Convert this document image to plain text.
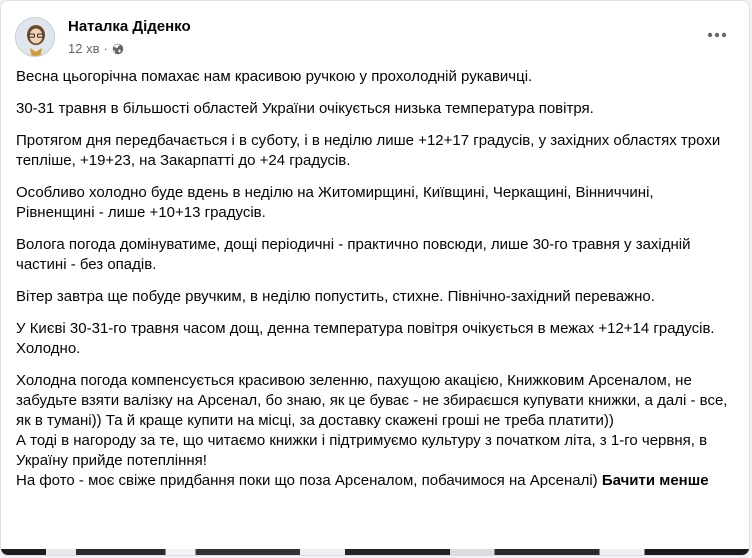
Наталка Діденко
12 хв ·

Весна цьогорічна помахає нам красивою ручкою у прохолодній рукавичці.

30-31 травня в більшості областей України очікується низька температура повітря.

Протягом дня передбачається і в суботу, і в неділю лише +12+17 градусів, у західних областях трохи тепліше, +19+23, на Закарпатті до +24 градусів.

Особливо холодно буде вдень в неділю на Житомирщині, Київщині, Черкащині, Вінниччині, Рівненщині - лише +10+13 градусів.

Волога погода домінуватиме, дощі періодичні - практично повсюди, лише 30-го травня у західній частині - без опадів.

Вітер завтра ще побуде рвучким, в неділю попустить, стихне. Північно-західний переважно.

У Києві 30-31-го травня часом дощ, денна температура повітря очікується в межах +12+14 градусів. Холодно.

Холодна погода компенсується красивою зеленню, пахущою акацією, Книжковим Арсеналом, не забудьте взяти валізку на Арсенал, бо знаю, як це буває - не збираєшся купувати книжки, а далі - все, як в тумані)) Та й краще купити на місці, за доставку скажені гроші не треба платити))

А тоді в нагороду за те, що читаємо книжки і підтримуємо культуру з початком літа, з 1-го червня, в Україну прийде потепління!

На фото - моє свіже придбання поки що поза Арсеналом, побачимося на Арсеналі) Бачити менше
